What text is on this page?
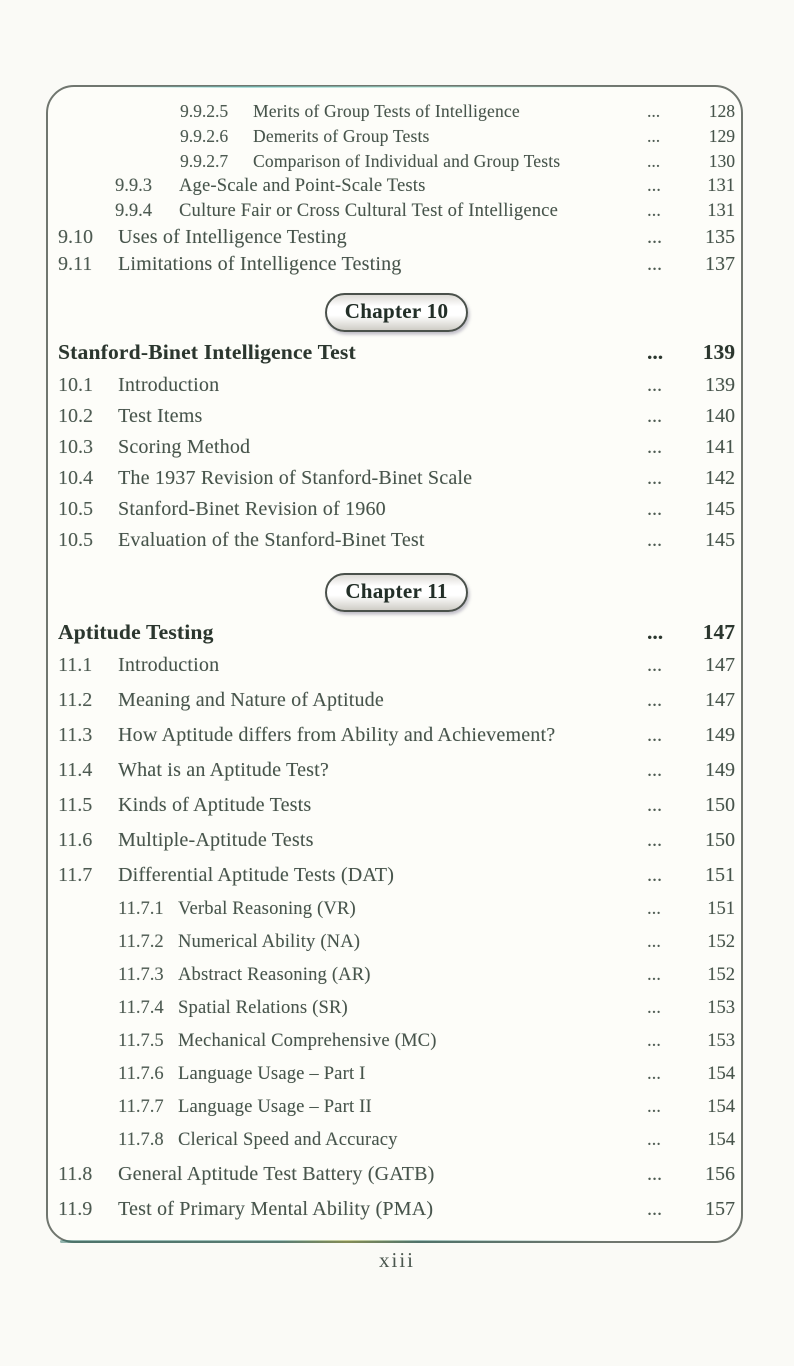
9.9.2.5	Merits of Group Tests of Intelligence	...	128
9.9.2.6	Demerits of Group Tests	...	129
9.9.2.7	Comparison of Individual and Group Tests	...	130
9.9.3	Age-Scale and Point-Scale Tests	...	131
9.9.4	Culture Fair or Cross Cultural Test of Intelligence	...	131
9.10	Uses of Intelligence Testing	...	135
9.11	Limitations of Intelligence Testing	...	137
Chapter 10
Stanford-Binet Intelligence Test	...	139
10.1	Introduction	...	139
10.2	Test Items	...	140
10.3	Scoring Method	...	141
10.4	The 1937 Revision of Stanford-Binet Scale	...	142
10.5	Stanford-Binet Revision of 1960	...	145
10.5	Evaluation of the Stanford-Binet Test	...	145
Chapter 11
Aptitude Testing	...	147
11.1	Introduction	...	147
11.2	Meaning and Nature of Aptitude	...	147
11.3	How Aptitude differs from Ability and Achievement?	...	149
11.4	What is an Aptitude Test?	...	149
11.5	Kinds of Aptitude Tests	...	150
11.6	Multiple-Aptitude Tests	...	150
11.7	Differential Aptitude Tests (DAT)	...	151
11.7.1 Verbal Reasoning (VR)	...	151
11.7.2 Numerical Ability (NA)	...	152
11.7.3 Abstract Reasoning (AR)	...	152
11.7.4 Spatial Relations (SR)	...	153
11.7.5 Mechanical Comprehensive (MC)	...	153
11.7.6 Language Usage – Part I	...	154
11.7.7 Language Usage – Part II	...	154
11.7.8 Clerical Speed and Accuracy	...	154
11.8	General Aptitude Test Battery (GATB)	...	156
11.9	Test of Primary Mental Ability (PMA)	...	157
xiii
